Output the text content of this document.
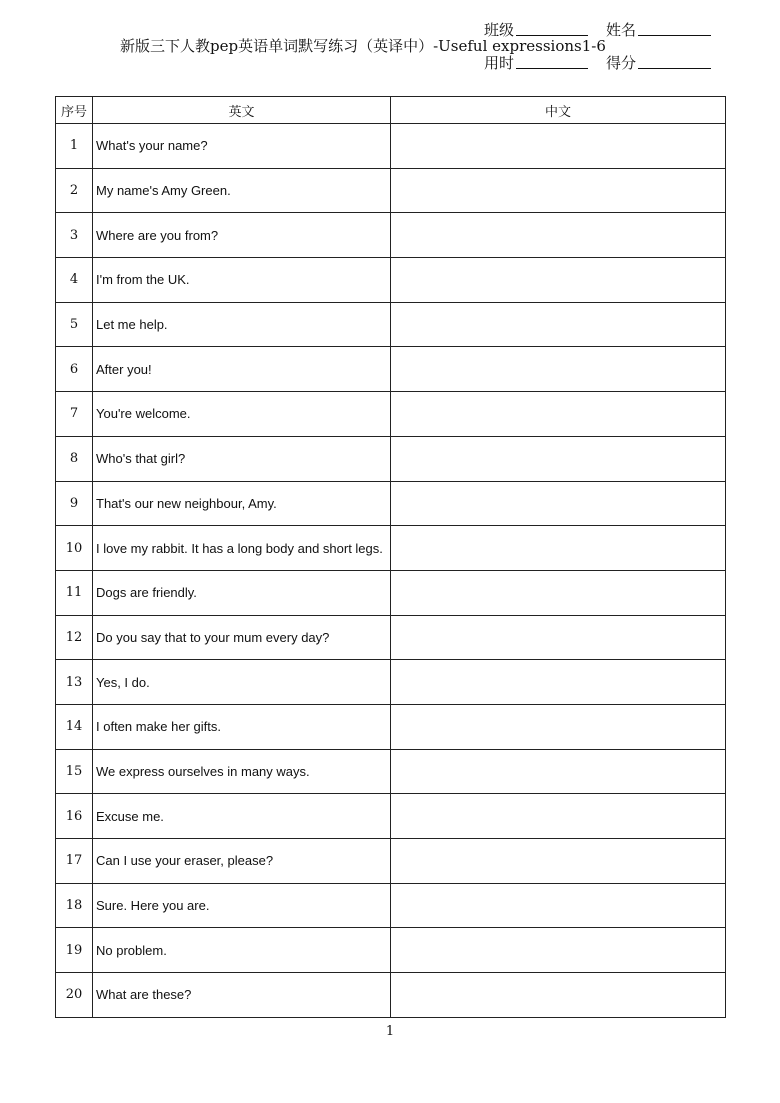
新版三下人教pep英语单词默写练习（英译中）-Useful expressions1-6
班级	姓名
用时	得分
序号	英文	中文
1	What's your name?	
2	My name's Amy Green.	
3	Where are you from?	
4	I'm from the UK.	
5	Let me help.	
6	After you!	
7	You're welcome.	
8	Who's that girl?	
9	That's our new neighbour, Amy.	
10	I love my rabbit. It has a long body and short legs.	
11	Dogs are friendly.	
12	Do you say that to your mum every day?	
13	Yes, I do.	
14	I often make her gifts.	
15	We express ourselves in many ways.	
16	Excuse me.	
17	Can I use your eraser, please?	
18	Sure. Here you are.	
19	No problem.	
20	What are these?	
1
